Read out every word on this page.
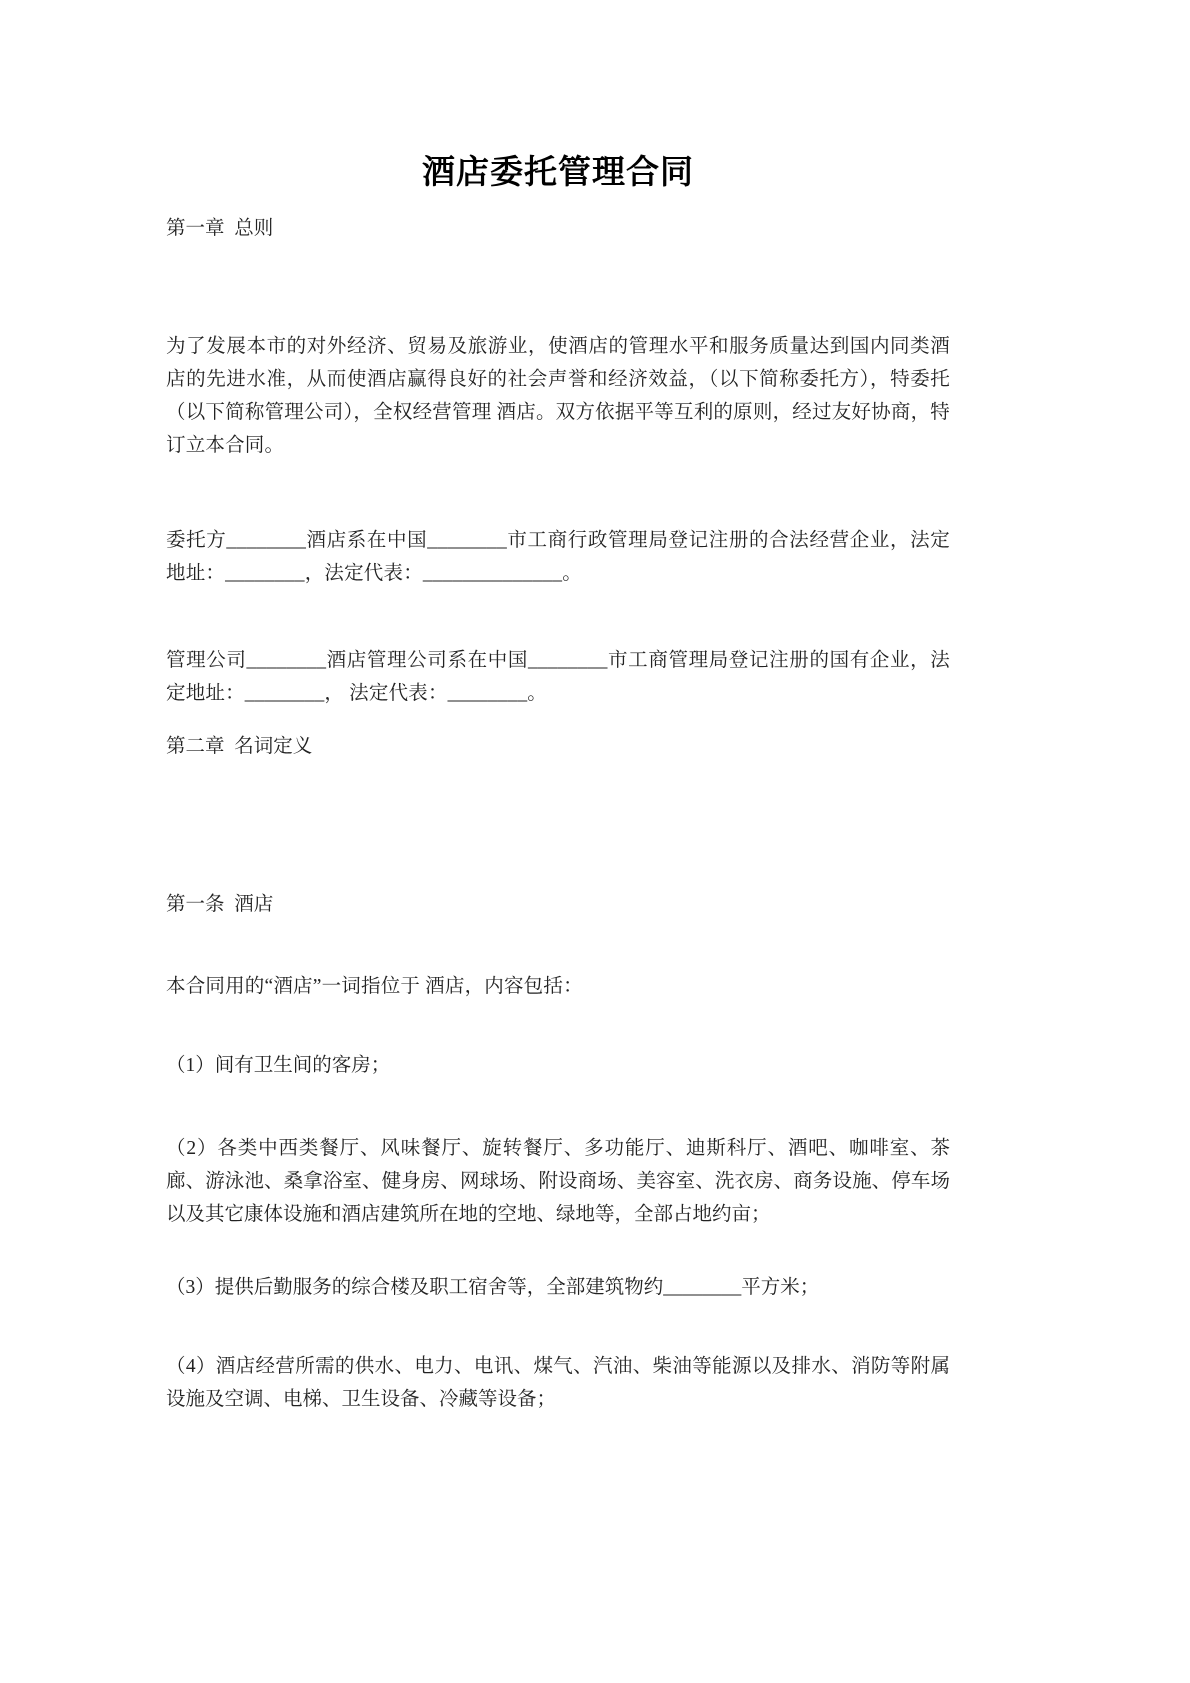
酒店委托管理合同

第一章  总则

为了发展本市的对外经济、贸易及旅游业，使酒店的管理水平和服务质量达到国内同类酒店的先进水准，从而使酒店赢得良好的社会声誉和经济效益，（以下简称委托方），特委托 （以下简称管理公司），全权经营管理 酒店。双方依据平等互利的原则，经过友好协商，特订立本合同。

委托方________酒店系在中国________市工商行政管理局登记注册的合法经营企业，法定地址：________，法定代表：______________。

管理公司________酒店管理公司系在中国________市工商管理局登记注册的国有企业，法定地址：________， 法定代表：________。

第二章  名词定义

第一条  酒店

本合同用的“酒店”一词指位于 酒店，内容包括：

（1）间有卫生间的客房；

（2）各类中西类餐厅、风味餐厅、旋转餐厅、多功能厅、迪斯科厅、酒吧、咖啡室、茶廊、游泳池、桑拿浴室、健身房、网球场、附设商场、美容室、洗衣房、商务设施、停车场以及其它康体设施和酒店建筑所在地的空地、绿地等，全部占地约亩；

（3）提供后勤服务的综合楼及职工宿舍等，全部建筑物约________平方米；

（4）酒店经营所需的供水、电力、电讯、煤气、汽油、柴油等能源以及排水、消防等附属设施及空调、电梯、卫生设备、冷藏等设备；
